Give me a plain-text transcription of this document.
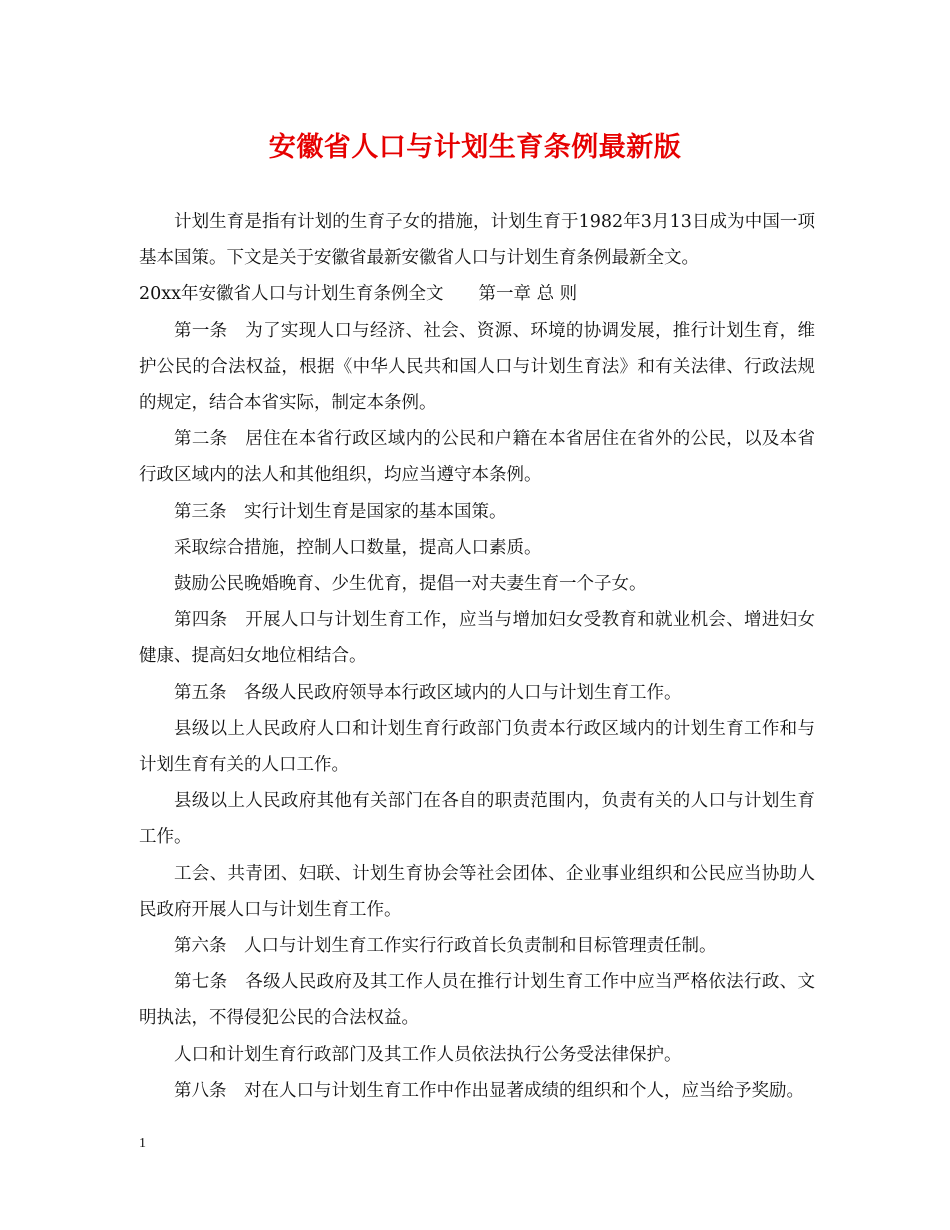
安徽省人口与计划生育条例最新版

计划生育是指有计划的生育子女的措施，计划生育于1982年3月13日成为中国一项 基本国策。下文是关于安徽省最新安徽省人口与计划生育条例最新全文。

20xx年安徽省人口与计划生育条例全文　　第一章 总 则

第一条　为了实现人口与经济、社会、资源、环境的协调发展，推行计划生育，维护公民的合法权益，根据《中华人民共和国人口与计划生育法》和有关法律、行政法规的规定，结合本省实际，制定本条例。

第二条　居住在本省行政区域内的公民和户籍在本省居住在省外的公民，以及本省行政区域内的法人和其他组织，均应当遵守本条例。

第三条　实行计划生育是国家的基本国策。

采取综合措施，控制人口数量，提高人口素质。

鼓励公民晚婚晚育、少生优育，提倡一对夫妻生育一个子女。

第四条　开展人口与计划生育工作，应当与增加妇女受教育和就业机会、增进妇女健康、提高妇女地位相结合。

第五条　各级人民政府领导本行政区域内的人口与计划生育工作。

县级以上人民政府人口和计划生育行政部门负责本行政区域内的计划生育工作和与计划生育有关的人口工作。

县级以上人民政府其他有关部门在各自的职责范围内，负责有关的人口与计划生育工作。

工会、共青团、妇联、计划生育协会等社会团体、企业事业组织和公民应当协助人民政府开展人口与计划生育工作。

第六条　人口与计划生育工作实行行政首长负责制和目标管理责任制。

第七条　各级人民政府及其工作人员在推行计划生育工作中应当严格依法行政、文明执法，不得侵犯公民的合法权益。

人口和计划生育行政部门及其工作人员依法执行公务受法律保护。

第八条　对在人口与计划生育工作中作出显著成绩的组织和个人，应当给予奖励。

1
